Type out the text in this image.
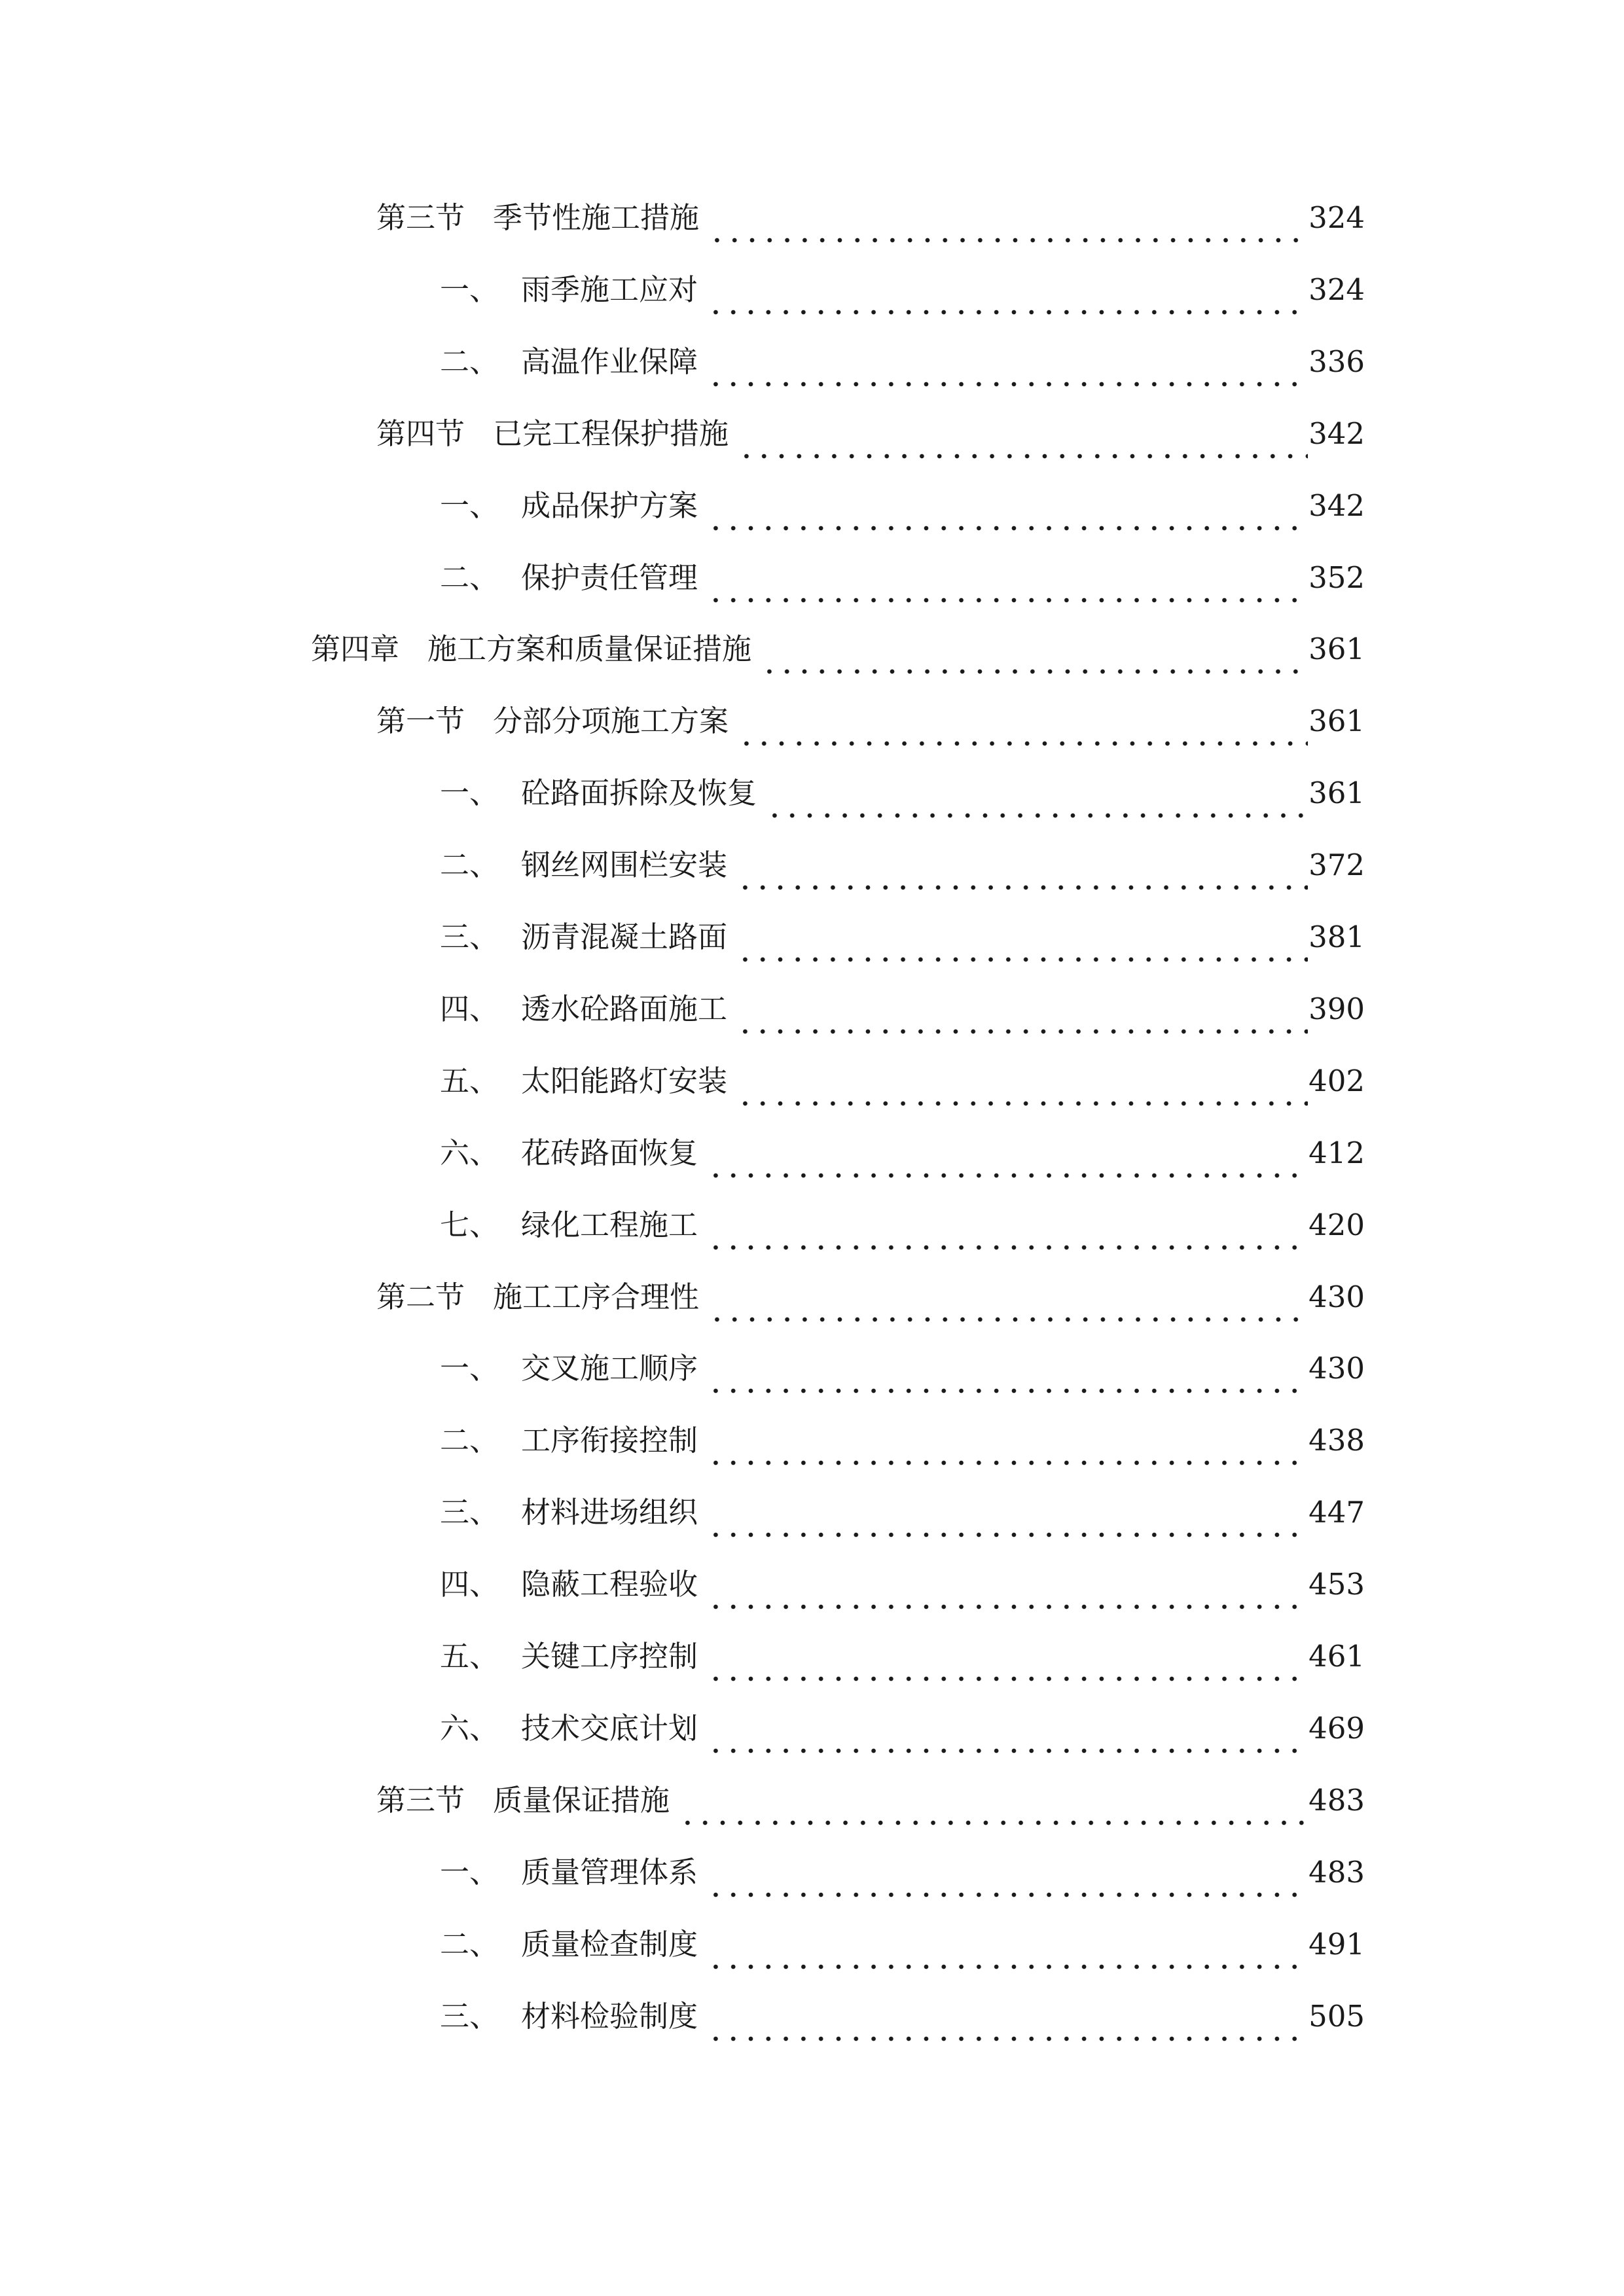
第三节 季节性施工措施	324
一、 雨季施工应对	324
二、 高温作业保障	336
第四节 已完工程保护措施	342
一、 成品保护方案	342
二、 保护责任管理	352
第四章 施工方案和质量保证措施	361
第一节 分部分项施工方案	361
一、 砼路面拆除及恢复	361
二、 钢丝网围栏安装	372
三、 沥青混凝土路面	381
四、 透水砼路面施工	390
五、 太阳能路灯安装	402
六、 花砖路面恢复	412
七、 绿化工程施工	420
第二节 施工工序合理性	430
一、 交叉施工顺序	430
二、 工序衔接控制	438
三、 材料进场组织	447
四、 隐蔽工程验收	453
五、 关键工序控制	461
六、 技术交底计划	469
第三节 质量保证措施	483
一、 质量管理体系	483
二、 质量检查制度	491
三、 材料检验制度	505
